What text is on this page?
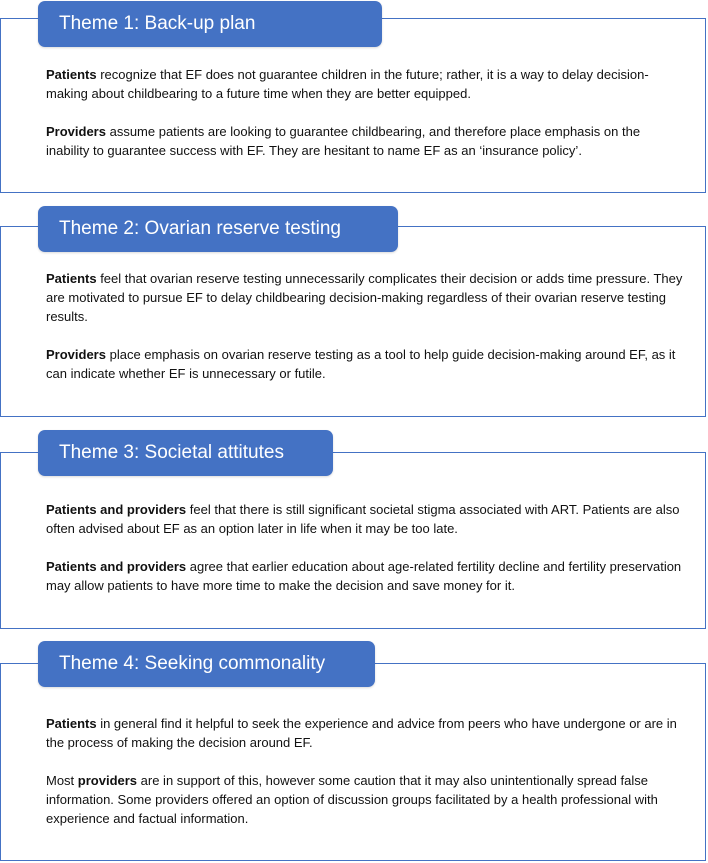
Theme 1: Back-up plan

Patients recognize that EF does not guarantee children in the future; rather, it is a way to delay decision-making about childbearing to a future time when they are better equipped.

Providers assume patients are looking to guarantee childbearing, and therefore place emphasis on the inability to guarantee success with EF. They are hesitant to name EF as an ‘insurance policy’.

Theme 2: Ovarian reserve testing

Patients feel that ovarian reserve testing unnecessarily complicates their decision or adds time pressure. They are motivated to pursue EF to delay childbearing decision-making regardless of their ovarian reserve testing results.

Providers place emphasis on ovarian reserve testing as a tool to help guide decision-making around EF, as it can indicate whether EF is unnecessary or futile.

Theme 3: Societal attitutes

Patients and providers feel that there is still significant societal stigma associated with ART. Patients are also often advised about EF as an option later in life when it may be too late.

Patients and providers agree that earlier education about age-related fertility decline and fertility preservation may allow patients to have more time to make the decision and save money for it.

Theme 4: Seeking commonality

Patients in general find it helpful to seek the experience and advice from peers who have undergone or are in the process of making the decision around EF.

Most providers are in support of this, however some caution that it may also unintentionally spread false information. Some providers offered an option of discussion groups facilitated by a health professional with experience and factual information.
